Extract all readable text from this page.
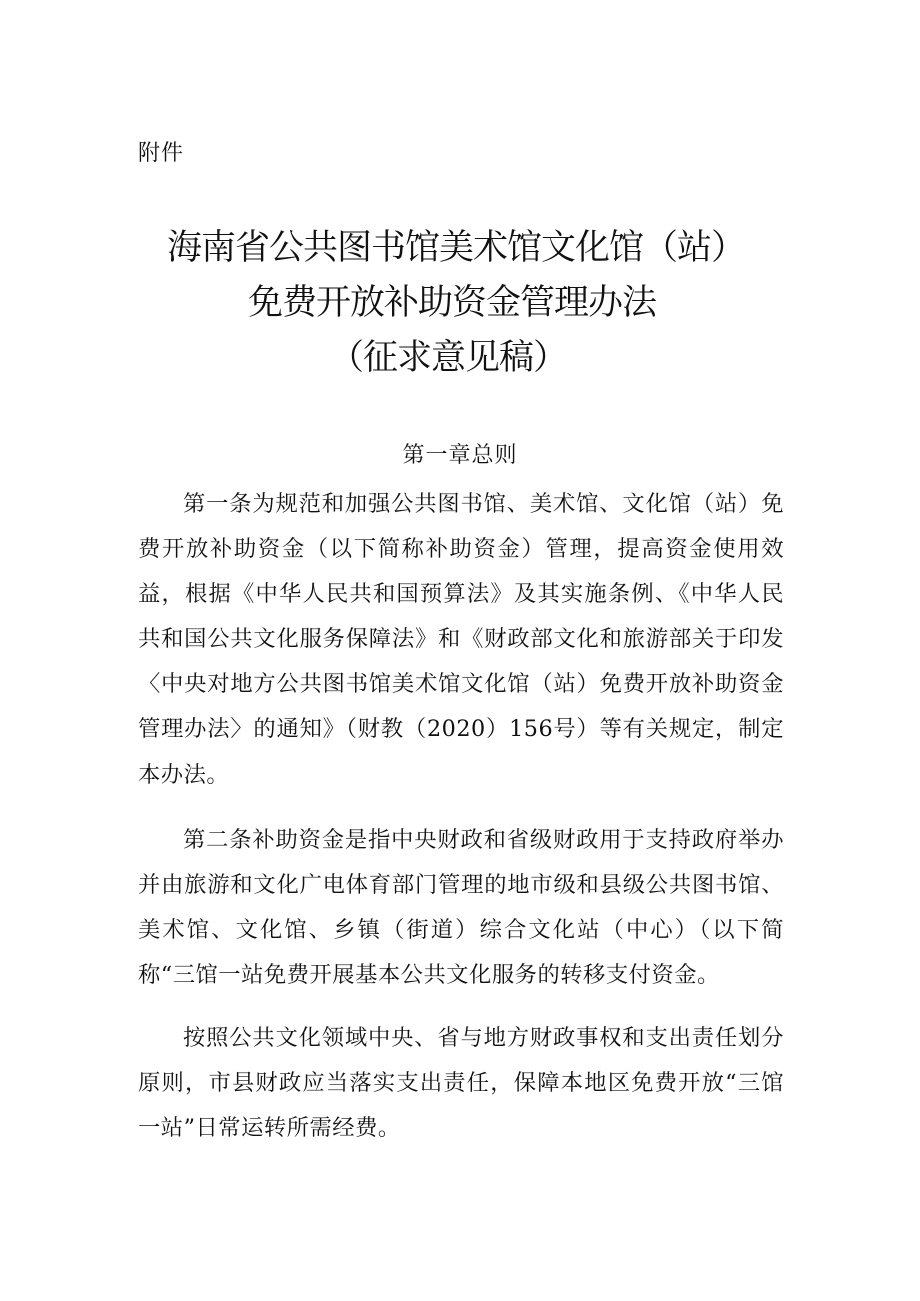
附件
海南省公共图书馆美术馆文化馆（站）
免费开放补助资金管理办法
（征求意见稿）
第一章总则

第一条为规范和加强公共图书馆、美术馆、文化馆（站）免费开放补助资金（以下简称补助资金）管理，提高资金使用效益，根据《中华人民共和国预算法》及其实施条例、《中华人民共和国公共文化服务保障法》和《财政部文化和旅游部关于印发〈中央对地方公共图书馆美术馆文化馆（站）免费开放补助资金管理办法〉的通知》（财教（2020）156号）等有关规定，制定本办法。

第二条补助资金是指中央财政和省级财政用于支持政府举办并由旅游和文化广电体育部门管理的地市级和县级公共图书馆、美术馆、文化馆、乡镇（街道）综合文化站（中心）（以下简称“三馆一站免费开展基本公共文化服务的转移支付资金。

按照公共文化领域中央、省与地方财政事权和支出责任划分原则，市县财政应当落实支出责任，保障本地区免费开放“三馆一站”日常运转所需经费。
